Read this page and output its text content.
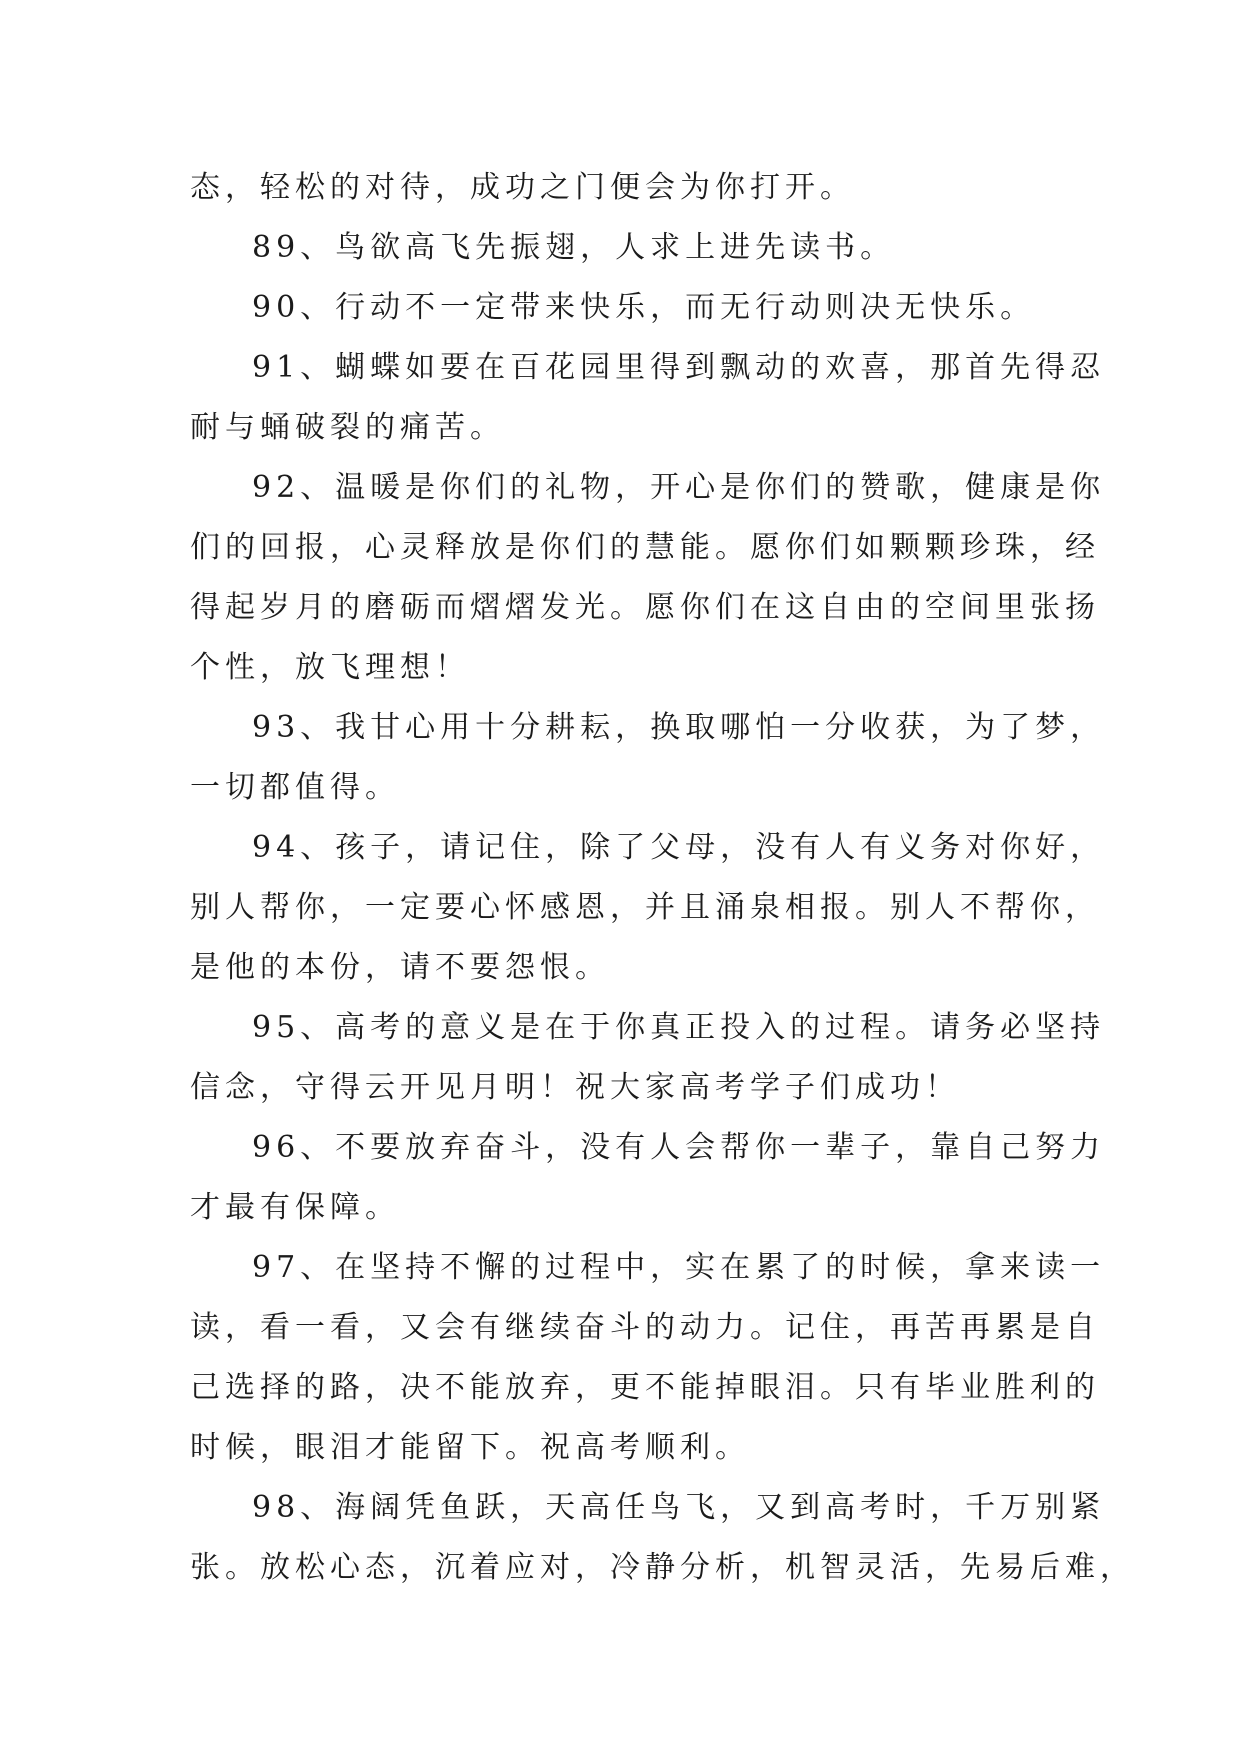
态，轻松的对待，成功之门便会为你打开。

89、鸟欲高飞先振翅，人求上进先读书。

90、行动不一定带来快乐，而无行动则决无快乐。

91、蝴蝶如要在百花园里得到飘动的欢喜，那首先得忍

耐与蛹破裂的痛苦。

92、温暖是你们的礼物，开心是你们的赞歌，健康是你

们的回报，心灵释放是你们的慧能。愿你们如颗颗珍珠，经

得起岁月的磨砺而熠熠发光。愿你们在这自由的空间里张扬

个性，放飞理想！

93、我甘心用十分耕耘，换取哪怕一分收获，为了梦，

一切都值得。

94、孩子，请记住，除了父母，没有人有义务对你好，

别人帮你，一定要心怀感恩，并且涌泉相报。别人不帮你，

是他的本份，请不要怨恨。

95、高考的意义是在于你真正投入的过程。请务必坚持

信念，守得云开见月明！祝大家高考学子们成功！

96、不要放弃奋斗，没有人会帮你一辈子，靠自己努力

才最有保障。

97、在坚持不懈的过程中，实在累了的时候，拿来读一

读，看一看，又会有继续奋斗的动力。记住，再苦再累是自

己选择的路，决不能放弃，更不能掉眼泪。只有毕业胜利的

时候，眼泪才能留下。祝高考顺利。

98、海阔凭鱼跃，天高任鸟飞，又到高考时，千万别紧

张。放松心态，沉着应对，冷静分析，机智灵活，先易后难，
